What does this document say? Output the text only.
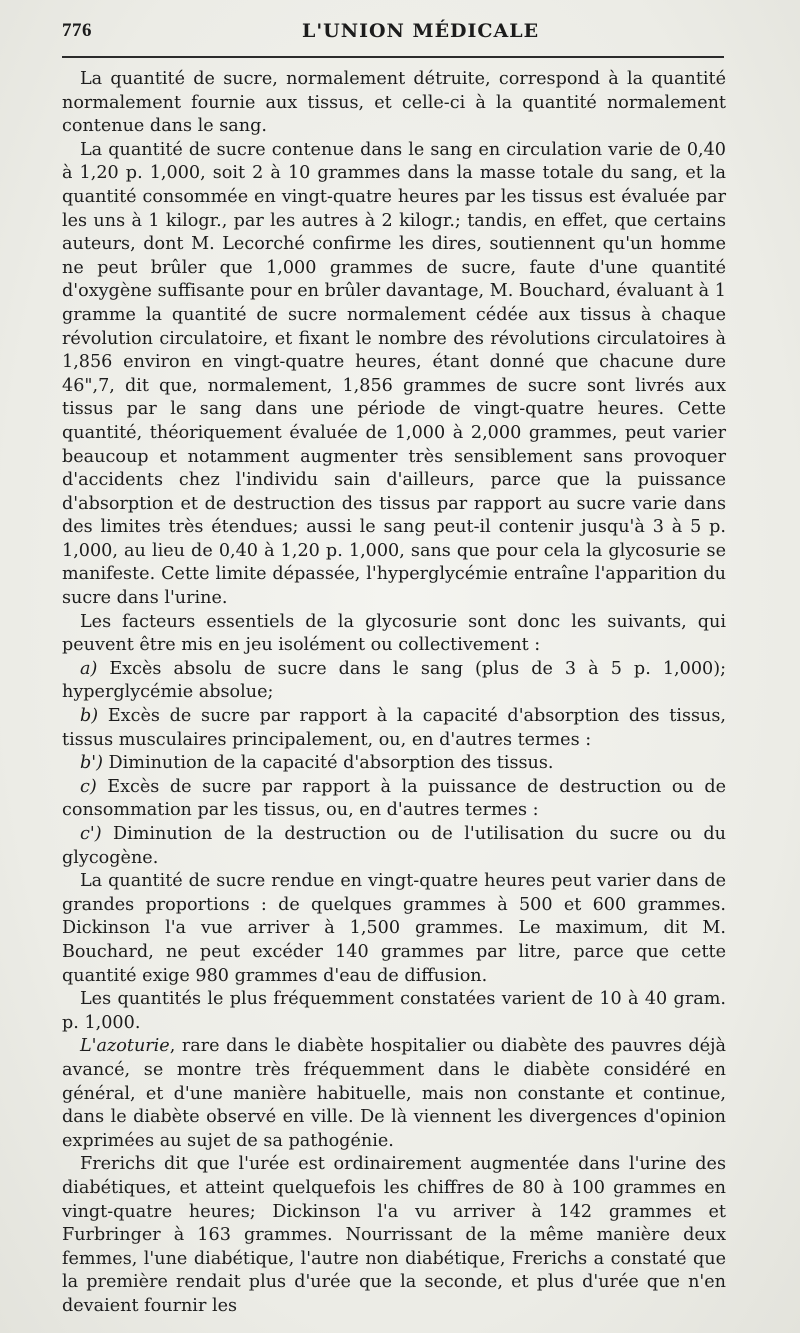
776	L'UNION MÉDICALE

La quantité de sucre, normalement détruite, correspond à la quantité normalement fournie aux tissus, et celle-ci à la quantité normalement contenue dans le sang.

La quantité de sucre contenue dans le sang en circulation varie de 0,40 à 1,20 p. 1,000, soit 2 à 10 grammes dans la masse totale du sang, et la quantité consommée en vingt-quatre heures par les tissus est évaluée par les uns à 1 kilogr., par les autres à 2 kilogr.; tandis, en effet, que certains auteurs, dont M. Lecorché confirme les dires, soutiennent qu'un homme ne peut brûler que 1,000 grammes de sucre, faute d'une quantité d'oxygène suffisante pour en brûler davantage, M. Bouchard, évaluant à 1 gramme la quantité de sucre normalement cédée aux tissus à chaque révolution circulatoire, et fixant le nombre des révolutions circulatoires à 1,856 environ en vingt-quatre heures, étant donné que chacune dure 46",7, dit que, normalement, 1,856 grammes de sucre sont livrés aux tissus par le sang dans une période de vingt-quatre heures. Cette quantité, théoriquement évaluée de 1,000 à 2,000 grammes, peut varier beaucoup et notamment augmenter très sensiblement sans provoquer d'accidents chez l'individu sain d'ailleurs, parce que la puissance d'absorption et de destruction des tissus par rapport au sucre varie dans des limites très étendues; aussi le sang peut-il contenir jusqu'à 3 à 5 p. 1,000, au lieu de 0,40 à 1,20 p. 1,000, sans que pour cela la glycosurie se manifeste. Cette limite dépassée, l'hyperglycémie entraîne l'apparition du sucre dans l'urine.

Les facteurs essentiels de la glycosurie sont donc les suivants, qui peuvent être mis en jeu isolément ou collectivement :

a) Excès absolu de sucre dans le sang (plus de 3 à 5 p. 1,000); hyperglycémie absolue;

b) Excès de sucre par rapport à la capacité d'absorption des tissus, tissus musculaires principalement, ou, en d'autres termes :

b') Diminution de la capacité d'absorption des tissus.

c) Excès de sucre par rapport à la puissance de destruction ou de consommation par les tissus, ou, en d'autres termes :

c') Diminution de la destruction ou de l'utilisation du sucre ou du glycogène.

La quantité de sucre rendue en vingt-quatre heures peut varier dans de grandes proportions : de quelques grammes à 500 et 600 grammes. Dickinson l'a vue arriver à 1,500 grammes. Le maximum, dit M. Bouchard, ne peut excéder 140 grammes par litre, parce que cette quantité exige 980 grammes d'eau de diffusion.

Les quantités le plus fréquemment constatées varient de 10 à 40 gram. p. 1,000.

L'azoturie, rare dans le diabète hospitalier ou diabète des pauvres déjà avancé, se montre très fréquemment dans le diabète considéré en général, et d'une manière habituelle, mais non constante et continue, dans le diabète observé en ville. De là viennent les divergences d'opinion exprimées au sujet de sa pathogénie.

Frerichs dit que l'urée est ordinairement augmentée dans l'urine des diabétiques, et atteint quelquefois les chiffres de 80 à 100 grammes en vingt-quatre heures; Dickinson l'a vu arriver à 142 grammes et Furbringer à 163 grammes. Nourrissant de la même manière deux femmes, l'une diabétique, l'autre non diabétique, Frerichs a constaté que la première rendait plus d'urée que la seconde, et plus d'urée que n'en devaient fournir les
